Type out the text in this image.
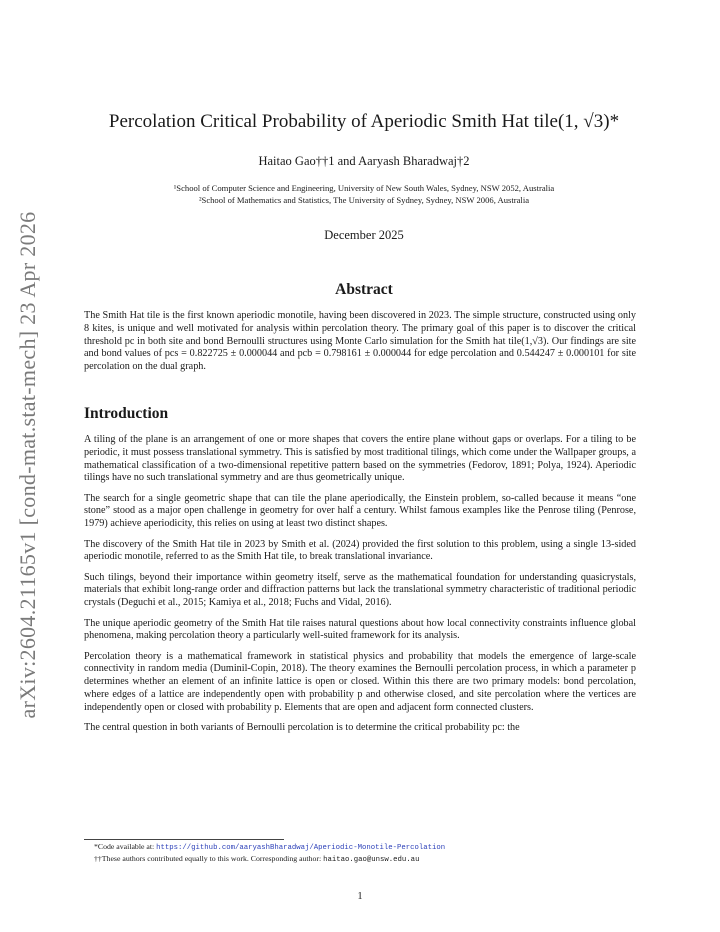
arXiv:2604.21165v1 [cond-mat.stat-mech] 23 Apr 2026
Percolation Critical Probability of Aperiodic Smith Hat tile(1, √3)*
Haitao Gao††1 and Aaryash Bharadwaj†2
¹School of Computer Science and Engineering, University of New South Wales, Sydney, NSW 2052, Australia
²School of Mathematics and Statistics, The University of Sydney, Sydney, NSW 2006, Australia
December 2025
Abstract
The Smith Hat tile is the first known aperiodic monotile, having been discovered in 2023. The simple structure, constructed using only 8 kites, is unique and well motivated for analysis within percolation theory. The primary goal of this paper is to discover the critical threshold pc in both site and bond Bernoulli structures using Monte Carlo simulation for the Smith hat tile(1,√3). Our findings are site and bond values of pcs = 0.822725 ± 0.000044 and pcb = 0.798161 ± 0.000044 for edge percolation and 0.544247 ± 0.000101 for site percolation on the dual graph.
Introduction

A tiling of the plane is an arrangement of one or more shapes that covers the entire plane without gaps or overlaps. For a tiling to be periodic, it must possess translational symmetry. This is satisfied by most traditional tilings, which come under the Wallpaper groups, a mathematical classification of a two-dimensional repetitive pattern based on the symmetries (Fedorov, 1891; Polya, 1924). Aperiodic tilings have no such translational symmetry and are thus geometrically unique.

The search for a single geometric shape that can tile the plane aperiodically, the Einstein problem, so-called because it means “one stone” stood as a major open challenge in geometry for over half a century. Whilst famous examples like the Penrose tiling (Penrose, 1979) achieve aperiodicity, this relies on using at least two distinct shapes.

The discovery of the Smith Hat tile in 2023 by Smith et al. (2024) provided the first solution to this problem, using a single 13-sided aperiodic monotile, referred to as the Smith Hat tile, to break translational invariance.

Such tilings, beyond their importance within geometry itself, serve as the mathematical foundation for understanding quasicrystals, materials that exhibit long-range order and diffraction patterns but lack the translational symmetry characteristic of traditional periodic crystals (Deguchi et al., 2015; Kamiya et al., 2018; Fuchs and Vidal, 2016).

The unique aperiodic geometry of the Smith Hat tile raises natural questions about how local connectivity constraints influence global phenomena, making percolation theory a particularly well-suited framework for its analysis.

Percolation theory is a mathematical framework in statistical physics and probability that models the emergence of large-scale connectivity in random media (Duminil-Copin, 2018). The theory examines the Bernoulli percolation process, in which a parameter p determines whether an element of an infinite lattice is open or closed. Within this there are two primary models: bond percolation, where edges of a lattice are independently open with probability p and otherwise closed, and site percolation where the vertices are independently open or closed with probability p. Elements that are open and adjacent form connected clusters.

The central question in both variants of Bernoulli percolation is to determine the critical probability pc: the

*Code available at: https://github.com/aaryashBharadwaj/Aperiodic-Monotile-Percolation
††These authors contributed equally to this work. Corresponding author: haitao.gao@unsw.edu.au
1
